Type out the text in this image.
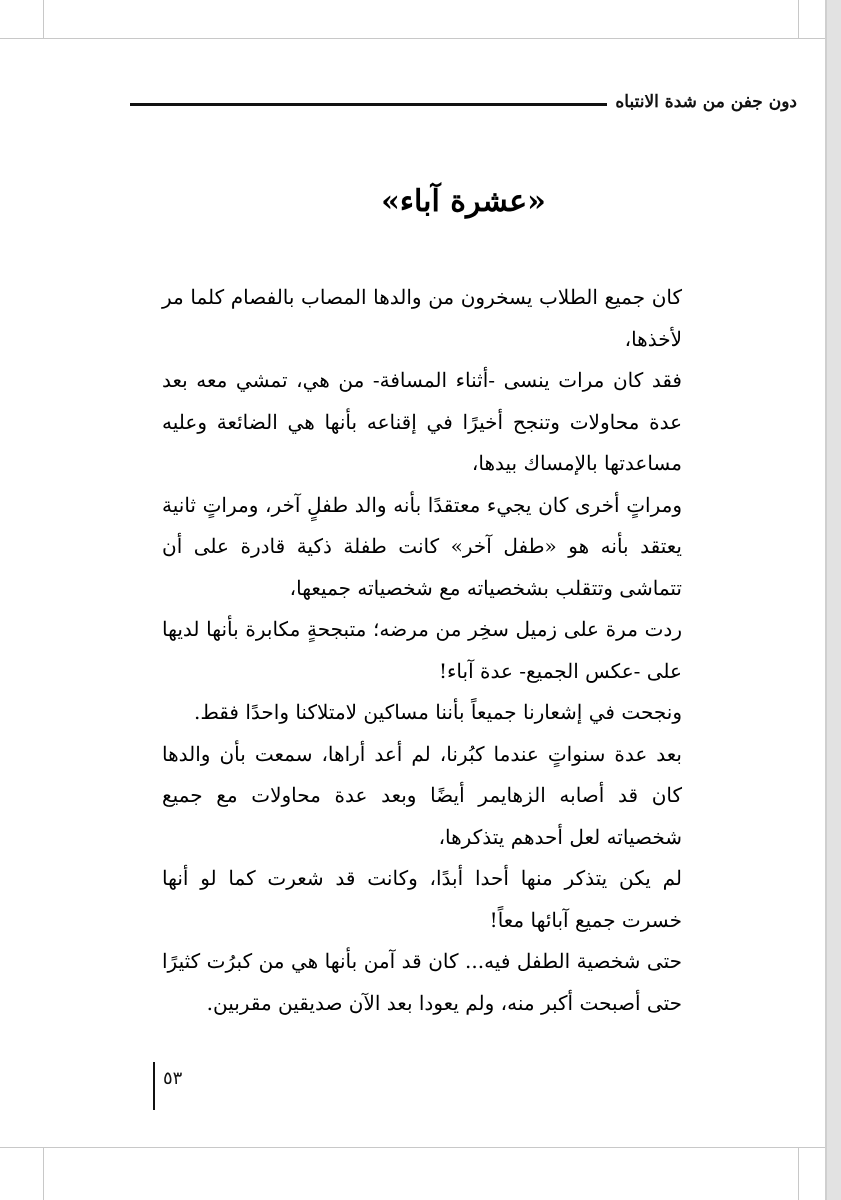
دون جفن من شدة الانتباه
«عشرة آباء»

كان جميع الطلاب يسخرون من والدها المصاب بالفصام كلما مر لأخذها،

فقد كان مرات ينسى -أثناء المسافة- من هي، تمشي معه بعد عدة محاولات وتنجح أخيرًا في إقناعه بأنها هي الضائعة وعليه مساعدتها بالإمساك بيدها،

ومراتٍ أخرى كان يجيء معتقدًا بأنه والد طفلٍ آخر، ومراتٍ ثانية يعتقد بأنه هو «طفل آخر» كانت طفلة ذكية قادرة على أن تتماشى وتتقلب بشخصياته مع شخصياته جميعها،

ردت مرة على زميل سخِر من مرضه؛ متبجحةٍ مكابرة بأنها لديها على -عكس الجميع- عدة آباء!

ونجحت في إشعارنا جميعاً بأننا مساكين لامتلاكنا واحدًا فقط.

بعد عدة سنواتٍ عندما كبُرنا، لم أعد أراها، سمعت بأن والدها كان قد أصابه الزهايمر أيضًا وبعد عدة محاولات مع جميع شخصياته لعل أحدهم يتذكرها،

لم يكن يتذكر منها أحدا أبدًا، وكانت قد شعرت كما لو أنها خسرت جميع آبائها معاً!

حتى شخصية الطفل فيه... كان قد آمن بأنها هي من كبرُت كثيرًا حتى أصبحت أكبر منه، ولم يعودا بعد الآن صديقين مقربين.

٥٣
